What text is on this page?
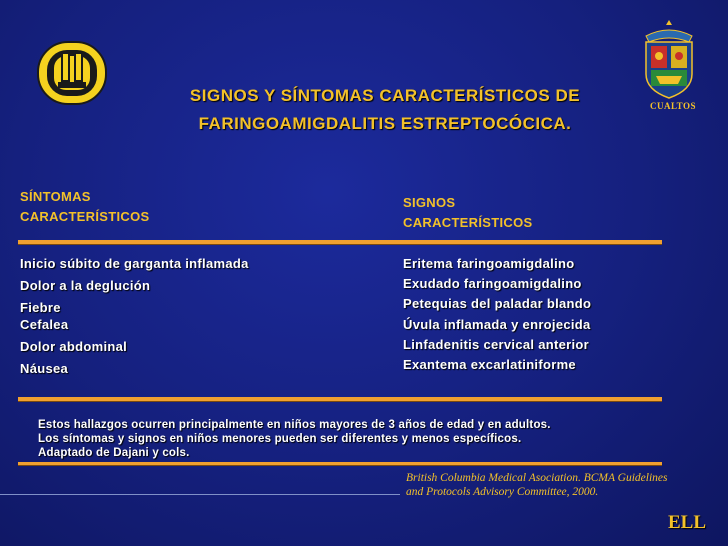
CUALTOS
SIGNOS Y SÍNTOMAS CARACTERÍSTICOS DE
FARINGOAMIGDALITIS ESTREPTOCÓCICA.
SÍNTOMAS
CARACTERÍSTICOS
SIGNOS
CARACTERÍSTICOS
Inicio súbito de garganta inflamada
Dolor a la deglución
Fiebre
Cefalea
Dolor abdominal
Náusea
Eritema faringoamigdalino
Exudado faringoamigdalino
Petequias del paladar blando
Úvula inflamada y enrojecida
Linfadenitis cervical anterior
Exantema excarlatiniforme
Estos hallazgos ocurren principalmente en niños mayores de 3 años de edad y en adultos.
Los síntomas y signos en niños menores pueden ser diferentes y menos específicos.
Adaptado de Dajani y cols.
British Columbia Medical Asociation. BCMA Guidelines
and Protocols Advisory Committee, 2000.
ELL
